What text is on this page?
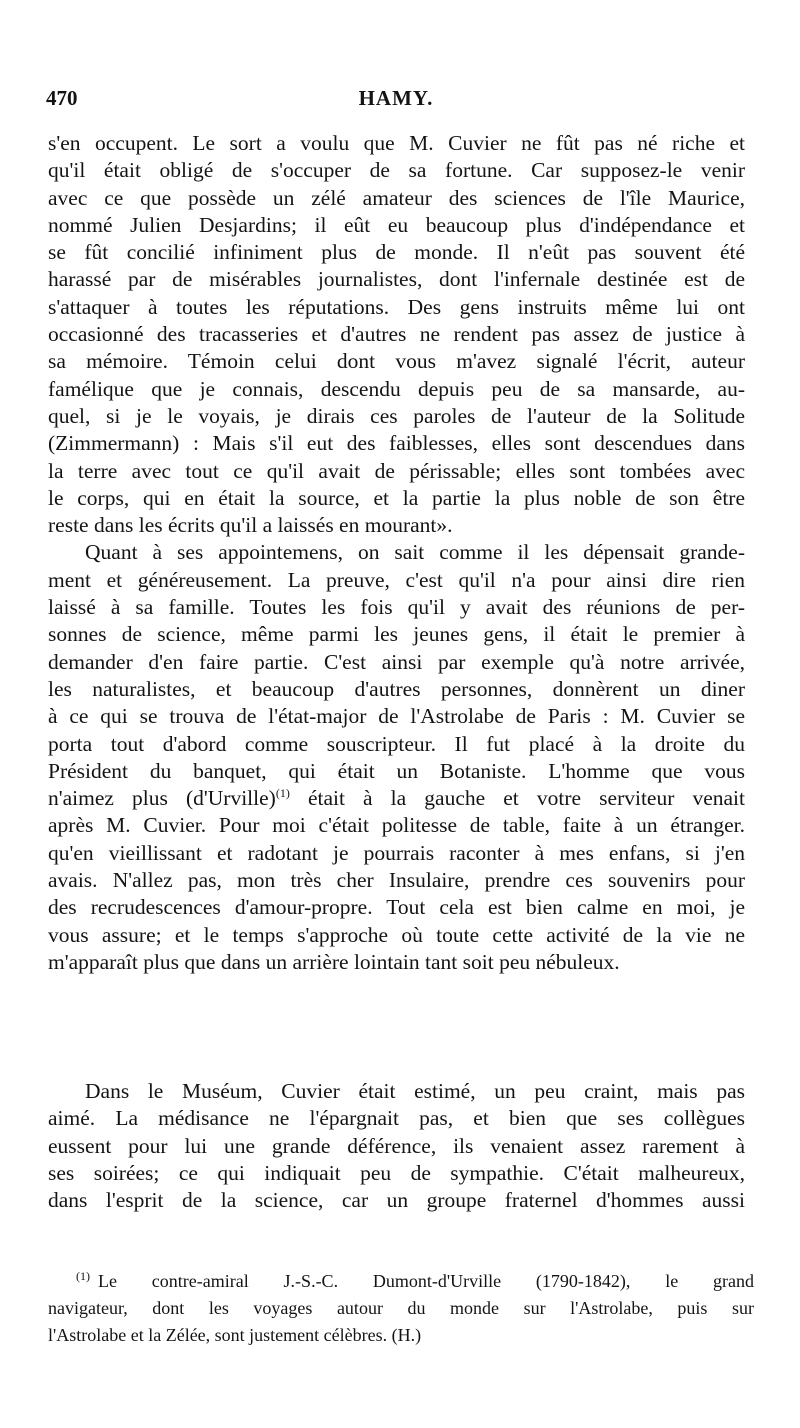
470	HAMY.
s'en occupent. Le sort a voulu que M. Cuvier ne fût pas né riche et
qu'il était obligé de s'occuper de sa fortune. Car supposez-le venir
avec ce que possède un zélé amateur des sciences de l'île Maurice,
nommé Julien Desjardins; il eût eu beaucoup plus d'indépendance et
se fût concilié infiniment plus de monde. Il n'eût pas souvent été
harassé par de misérables journalistes, dont l'infernale destinée est de
s'attaquer à toutes les réputations. Des gens instruits même lui ont
occasionné des tracasseries et d'autres ne rendent pas assez de justice à
sa mémoire. Témoin celui dont vous m'avez signalé l'écrit, auteur
famélique que je connais, descendu depuis peu de sa mansarde, au-
quel, si je le voyais, je dirais ces paroles de l'auteur de la Solitude
(Zimmermann) : Mais s'il eut des faiblesses, elles sont descendues dans
la terre avec tout ce qu'il avait de périssable; elles sont tombées avec
le corps, qui en était la source, et la partie la plus noble de son être
reste dans les écrits qu'il a laissés en mourant».
Quant à ses appointemens, on sait comme il les dépensait grande-
ment et généreusement. La preuve, c'est qu'il n'a pour ainsi dire rien
laissé à sa famille. Toutes les fois qu'il y avait des réunions de per-
sonnes de science, même parmi les jeunes gens, il était le premier à
demander d'en faire partie. C'est ainsi par exemple qu'à notre arrivée,
les naturalistes, et beaucoup d'autres personnes, donnèrent un diner
à ce qui se trouva de l'état-major de l'Astrolabe de Paris : M. Cuvier se
porta tout d'abord comme souscripteur. Il fut placé à la droite du
Président du banquet, qui était un Botaniste. L'homme que vous
n'aimez plus (d'Urville)$^{(1)}$ était à la gauche et votre serviteur venait
après M. Cuvier. Pour moi c'était politesse de table, faite à un étranger.
qu'en vieillissant et radotant je pourrais raconter à mes enfans, si j'en
avais. N'allez pas, mon très cher Insulaire, prendre ces souvenirs pour
des recrudescences d'amour-propre. Tout cela est bien calme en moi, je
vous assure; et le temps s'approche où toute cette activité de la vie ne
m'apparaît plus que dans un arrière lointain tant soit peu nébuleux.
Dans le Muséum, Cuvier était estimé, un peu craint, mais pas
aimé. La médisance ne l'épargnait pas, et bien que ses collègues
eussent pour lui une grande déférence, ils venaient assez rarement à
ses soirées; ce qui indiquait peu de sympathie. C'était malheureux,
dans l'esprit de la science, car un groupe fraternel d'hommes aussi
$^{(1)}$ Le contre-amiral J.-S.-C. Dumont-d'Urville (1790-1842), le grand
navigateur, dont les voyages autour du monde sur l'Astrolabe, puis sur
l'Astrolabe et la Zélée, sont justement célèbres. (H.)
